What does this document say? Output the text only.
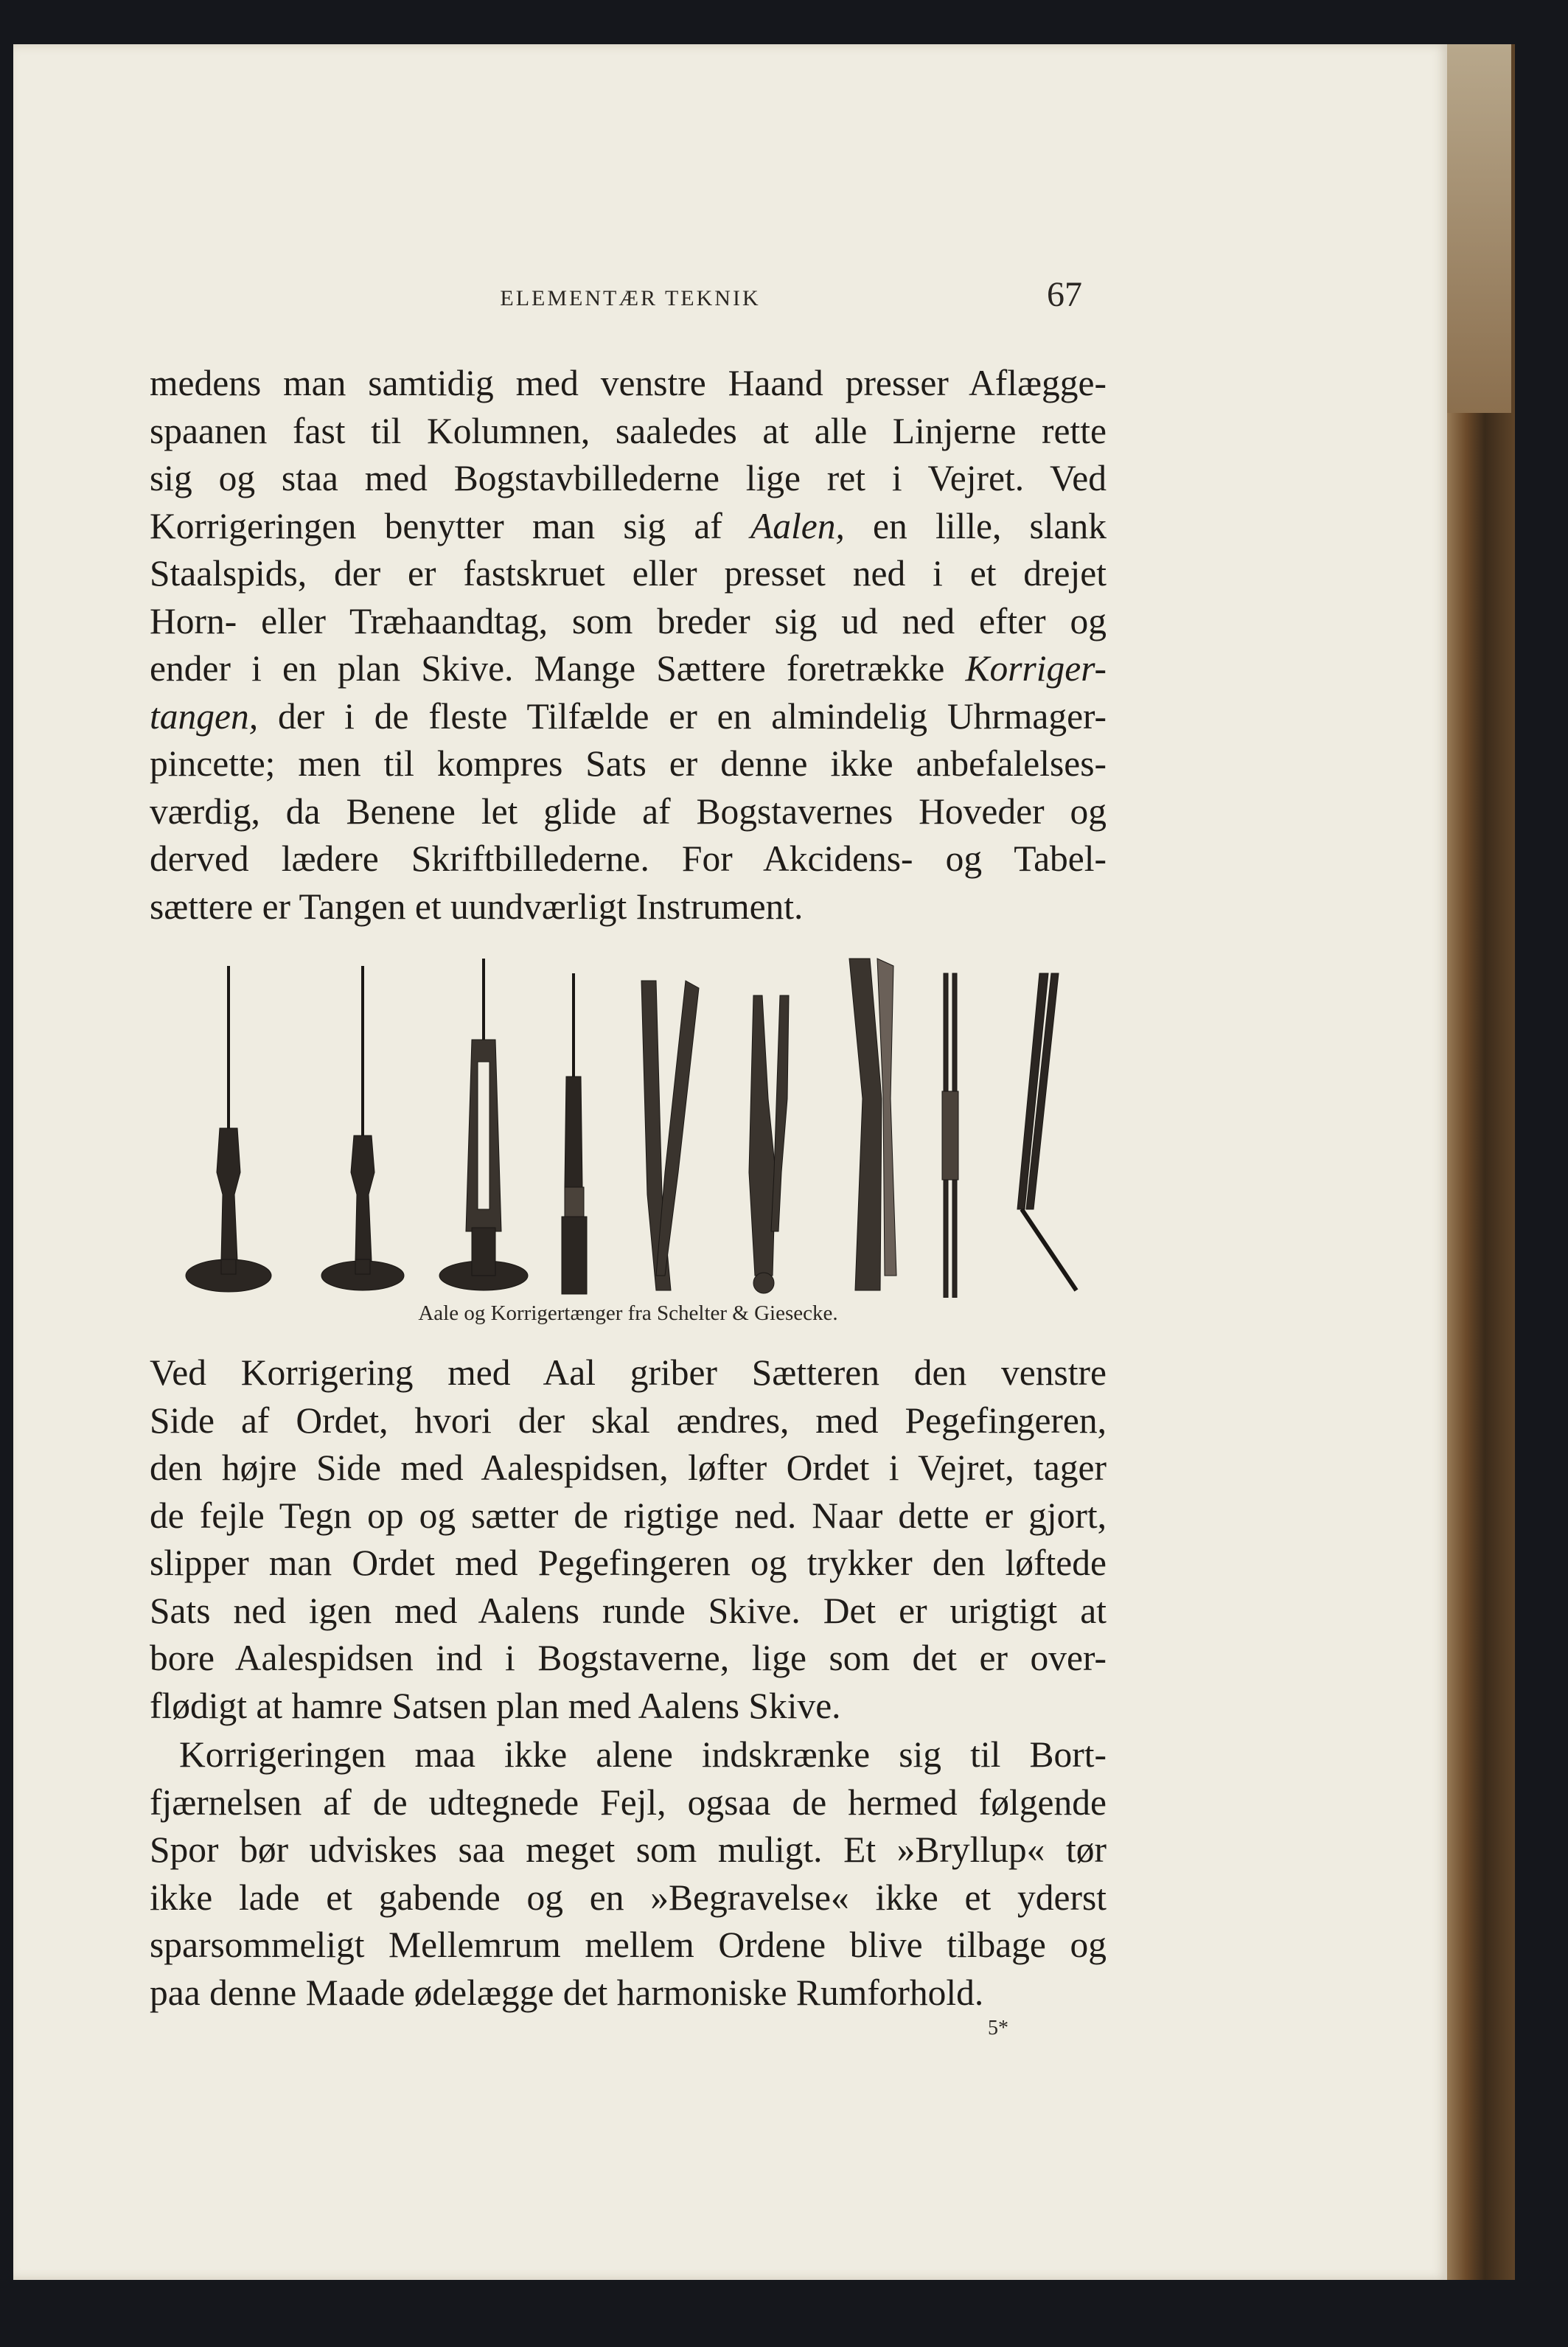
ELEMENTÆR TEKNIK	67
medens man samtidig med venstre Haand presser Aflægge-
spaanen fast til Kolumnen, saaledes at alle Linjerne rette
sig og staa med Bogstavbillederne lige ret i Vejret. Ved
Korrigeringen benytter man sig af Aalen, en lille, slank
Staalspids, der er fastskruet eller presset ned i et drejet
Horn- eller Træhaandtag, som breder sig ud ned efter og
ender i en plan Skive. Mange Sættere foretrække Korriger-
tangen, der i de fleste Tilfælde er en almindelig Uhrmager-
pincette; men til kompres Sats er denne ikke anbefalelses-
værdig, da Benene let glide af Bogstavernes Hoveder og
derved lædere Skriftbillederne. For Akcidens- og Tabel-
sættere er Tangen et uundværligt Instrument.
Aale og Korrigertænger fra Schelter & Giesecke.
Ved Korrigering med Aal griber Sætteren den venstre
Side af Ordet, hvori der skal ændres, med Pegefingeren,
den højre Side med Aalespidsen, løfter Ordet i Vejret, tager
de fejle Tegn op og sætter de rigtige ned. Naar dette er gjort,
slipper man Ordet med Pegefingeren og trykker den løftede
Sats ned igen med Aalens runde Skive. Det er urigtigt at
bore Aalespidsen ind i Bogstaverne, lige som det er over-
flødigt at hamre Satsen plan med Aalens Skive.
Korrigeringen maa ikke alene indskrænke sig til Bort-
fjærnelsen af de udtegnede Fejl, ogsaa de hermed følgende
Spor bør udviskes saa meget som muligt. Et »Bryllup« tør
ikke lade et gabende og en »Begravelse« ikke et yderst
sparsommeligt Mellemrum mellem Ordene blive tilbage og
paa denne Maade ødelægge det harmoniske Rumforhold.
5*
